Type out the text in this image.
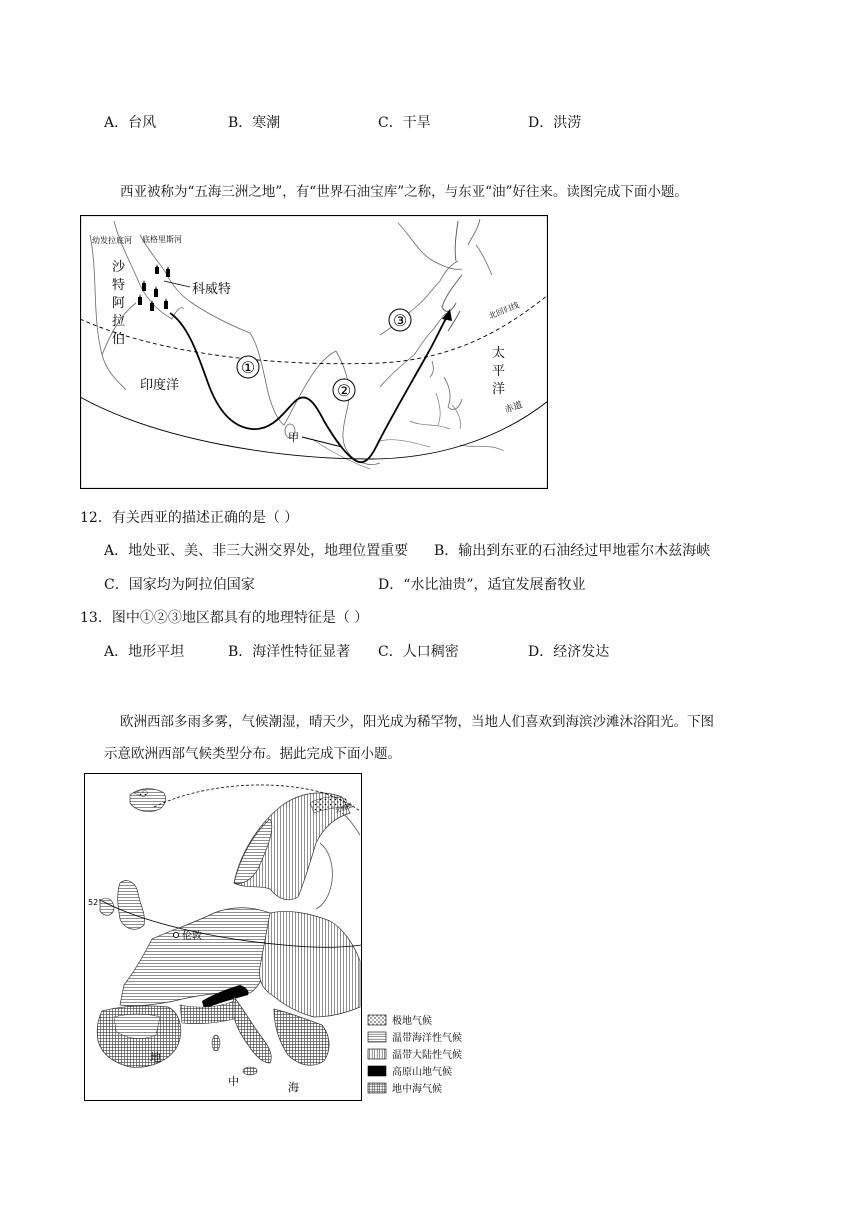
A．台风	B．寒潮	C．干旱	D．洪涝
西亚被称为“五海三洲之地”，有“世界石油宝库”之称，与东亚“油”好往来。读图完成下面小题。
幼发拉底河 底格里斯河
沙
特
阿
拉
伯
科威特
印度洋
太
平
洋
北回归线
赤道
甲
①
②
③
12．有关西亚的描述正确的是（ ）
A．地处亚、美、非三大洲交界处，地理位置重要 B．输出到东亚的石油经过甲地霍尔木兹海峡
C．国家均为阿拉伯国家	D．“水比油贵”，适宜发展畜牧业
13．图中①②③地区都具有的地理特征是（ ）
A．地形平坦	B．海洋性特征显著 C．人口稠密	D．经济发达
欧洲西部多雨多雾，气候潮湿，晴天少，阳光成为稀罕物，当地人们喜欢到海滨沙滩沐浴阳光。下图
示意欧洲西部气候类型分布。据此完成下面小题。
北极圈
52°
伦敦
地
中	海
极地气候
温带海洋性气候
温带大陆性气候
高原山地气候
地中海气候
